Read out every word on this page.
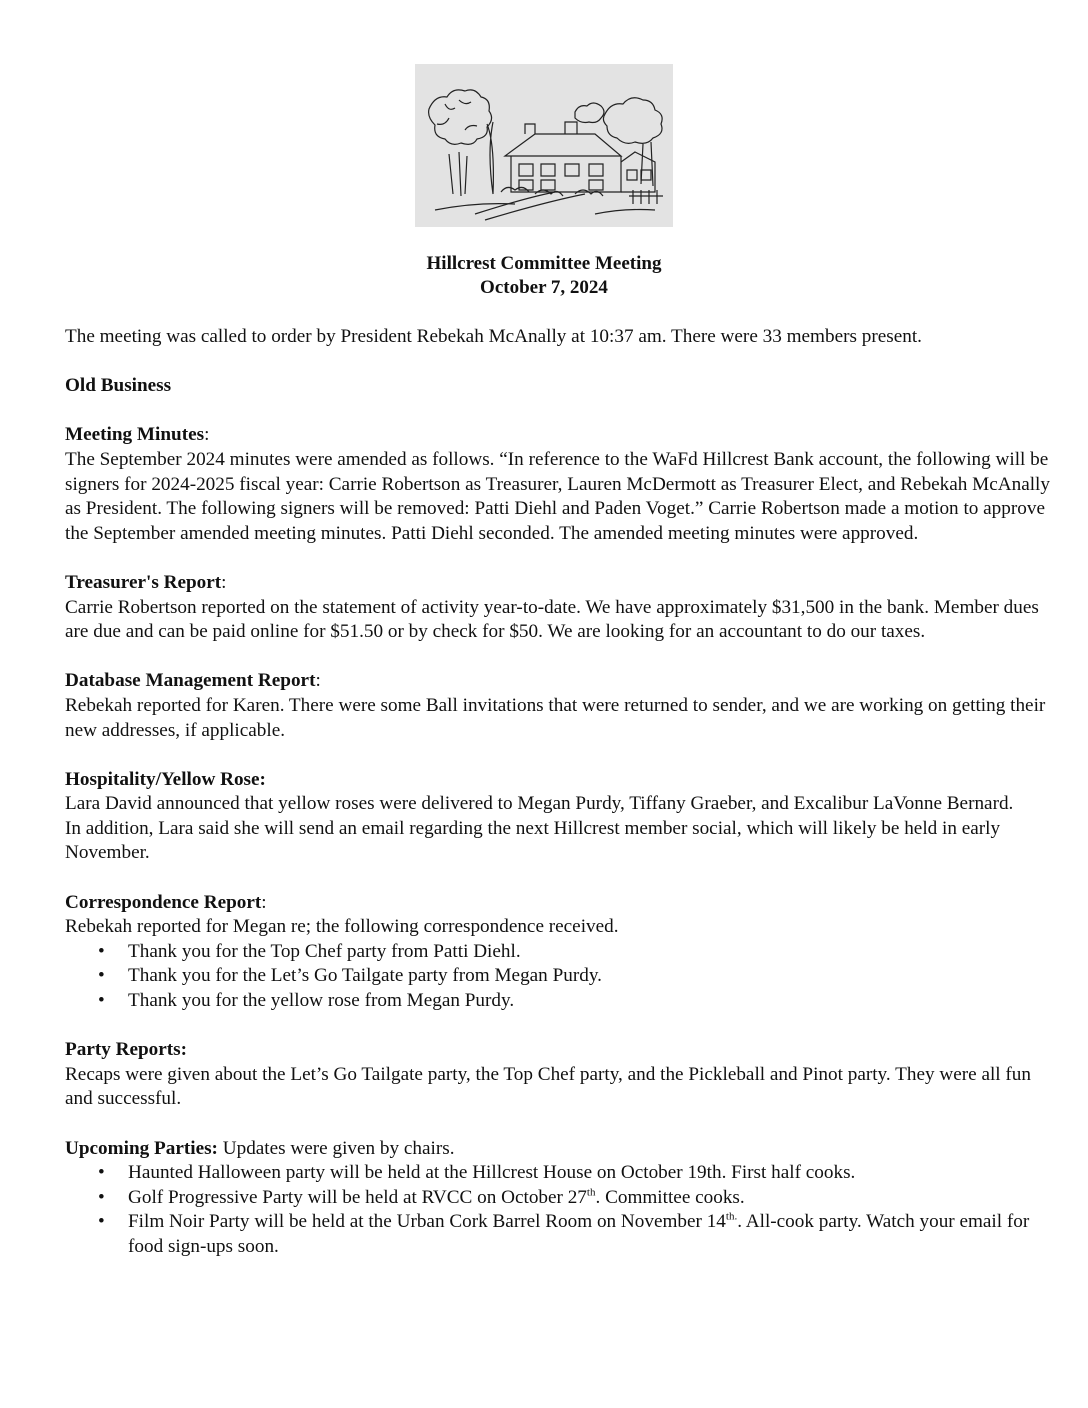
Hillcrest Committee Meeting
October 7, 2024

The meeting was called to order by President Rebekah McAnally at 10:37 am. There were 33 members present.

Old Business

Meeting Minutes:

The September 2024 minutes were amended as follows. “In reference to the WaFd Hillcrest Bank account, the following will be signers for 2024-2025 fiscal year: Carrie Robertson as Treasurer, Lauren McDermott as Treasurer Elect, and Rebekah McAnally as President. The following signers will be removed: Patti Diehl and Paden Voget.” Carrie Robertson made a motion to approve the September amended meeting minutes. Patti Diehl seconded. The amended meeting minutes were approved.

Treasurer's Report:

Carrie Robertson reported on the statement of activity year-to-date. We have approximately $31,500 in the bank. Member dues are due and can be paid online for $51.50 or by check for $50. We are looking for an accountant to do our taxes.

Database Management Report:

Rebekah reported for Karen. There were some Ball invitations that were returned to sender, and we are working on getting their new addresses, if applicable.

Hospitality/Yellow Rose:

Lara David announced that yellow roses were delivered to Megan Purdy, Tiffany Graeber, and Excalibur LaVonne Bernard.

In addition, Lara said she will send an email regarding the next Hillcrest member social, which will likely be held in early November.

Correspondence Report:

Rebekah reported for Megan re; the following correspondence received.

• Thank you for the Top Chef party from Patti Diehl.
• Thank you for the Let’s Go Tailgate party from Megan Purdy.
• Thank you for the yellow rose from Megan Purdy.

Party Reports:

Recaps were given about the Let’s Go Tailgate party, the Top Chef party, and the Pickleball and Pinot party. They were all fun and successful.

Upcoming Parties: Updates were given by chairs.

• Haunted Halloween party will be held at the Hillcrest House on October 19th. First half cooks.
• Golf Progressive Party will be held at RVCC on October 27th. Committee cooks.
• Film Noir Party will be held at the Urban Cork Barrel Room on November $14^{th.}$. All-cook party. Watch your email for food sign-ups soon.
